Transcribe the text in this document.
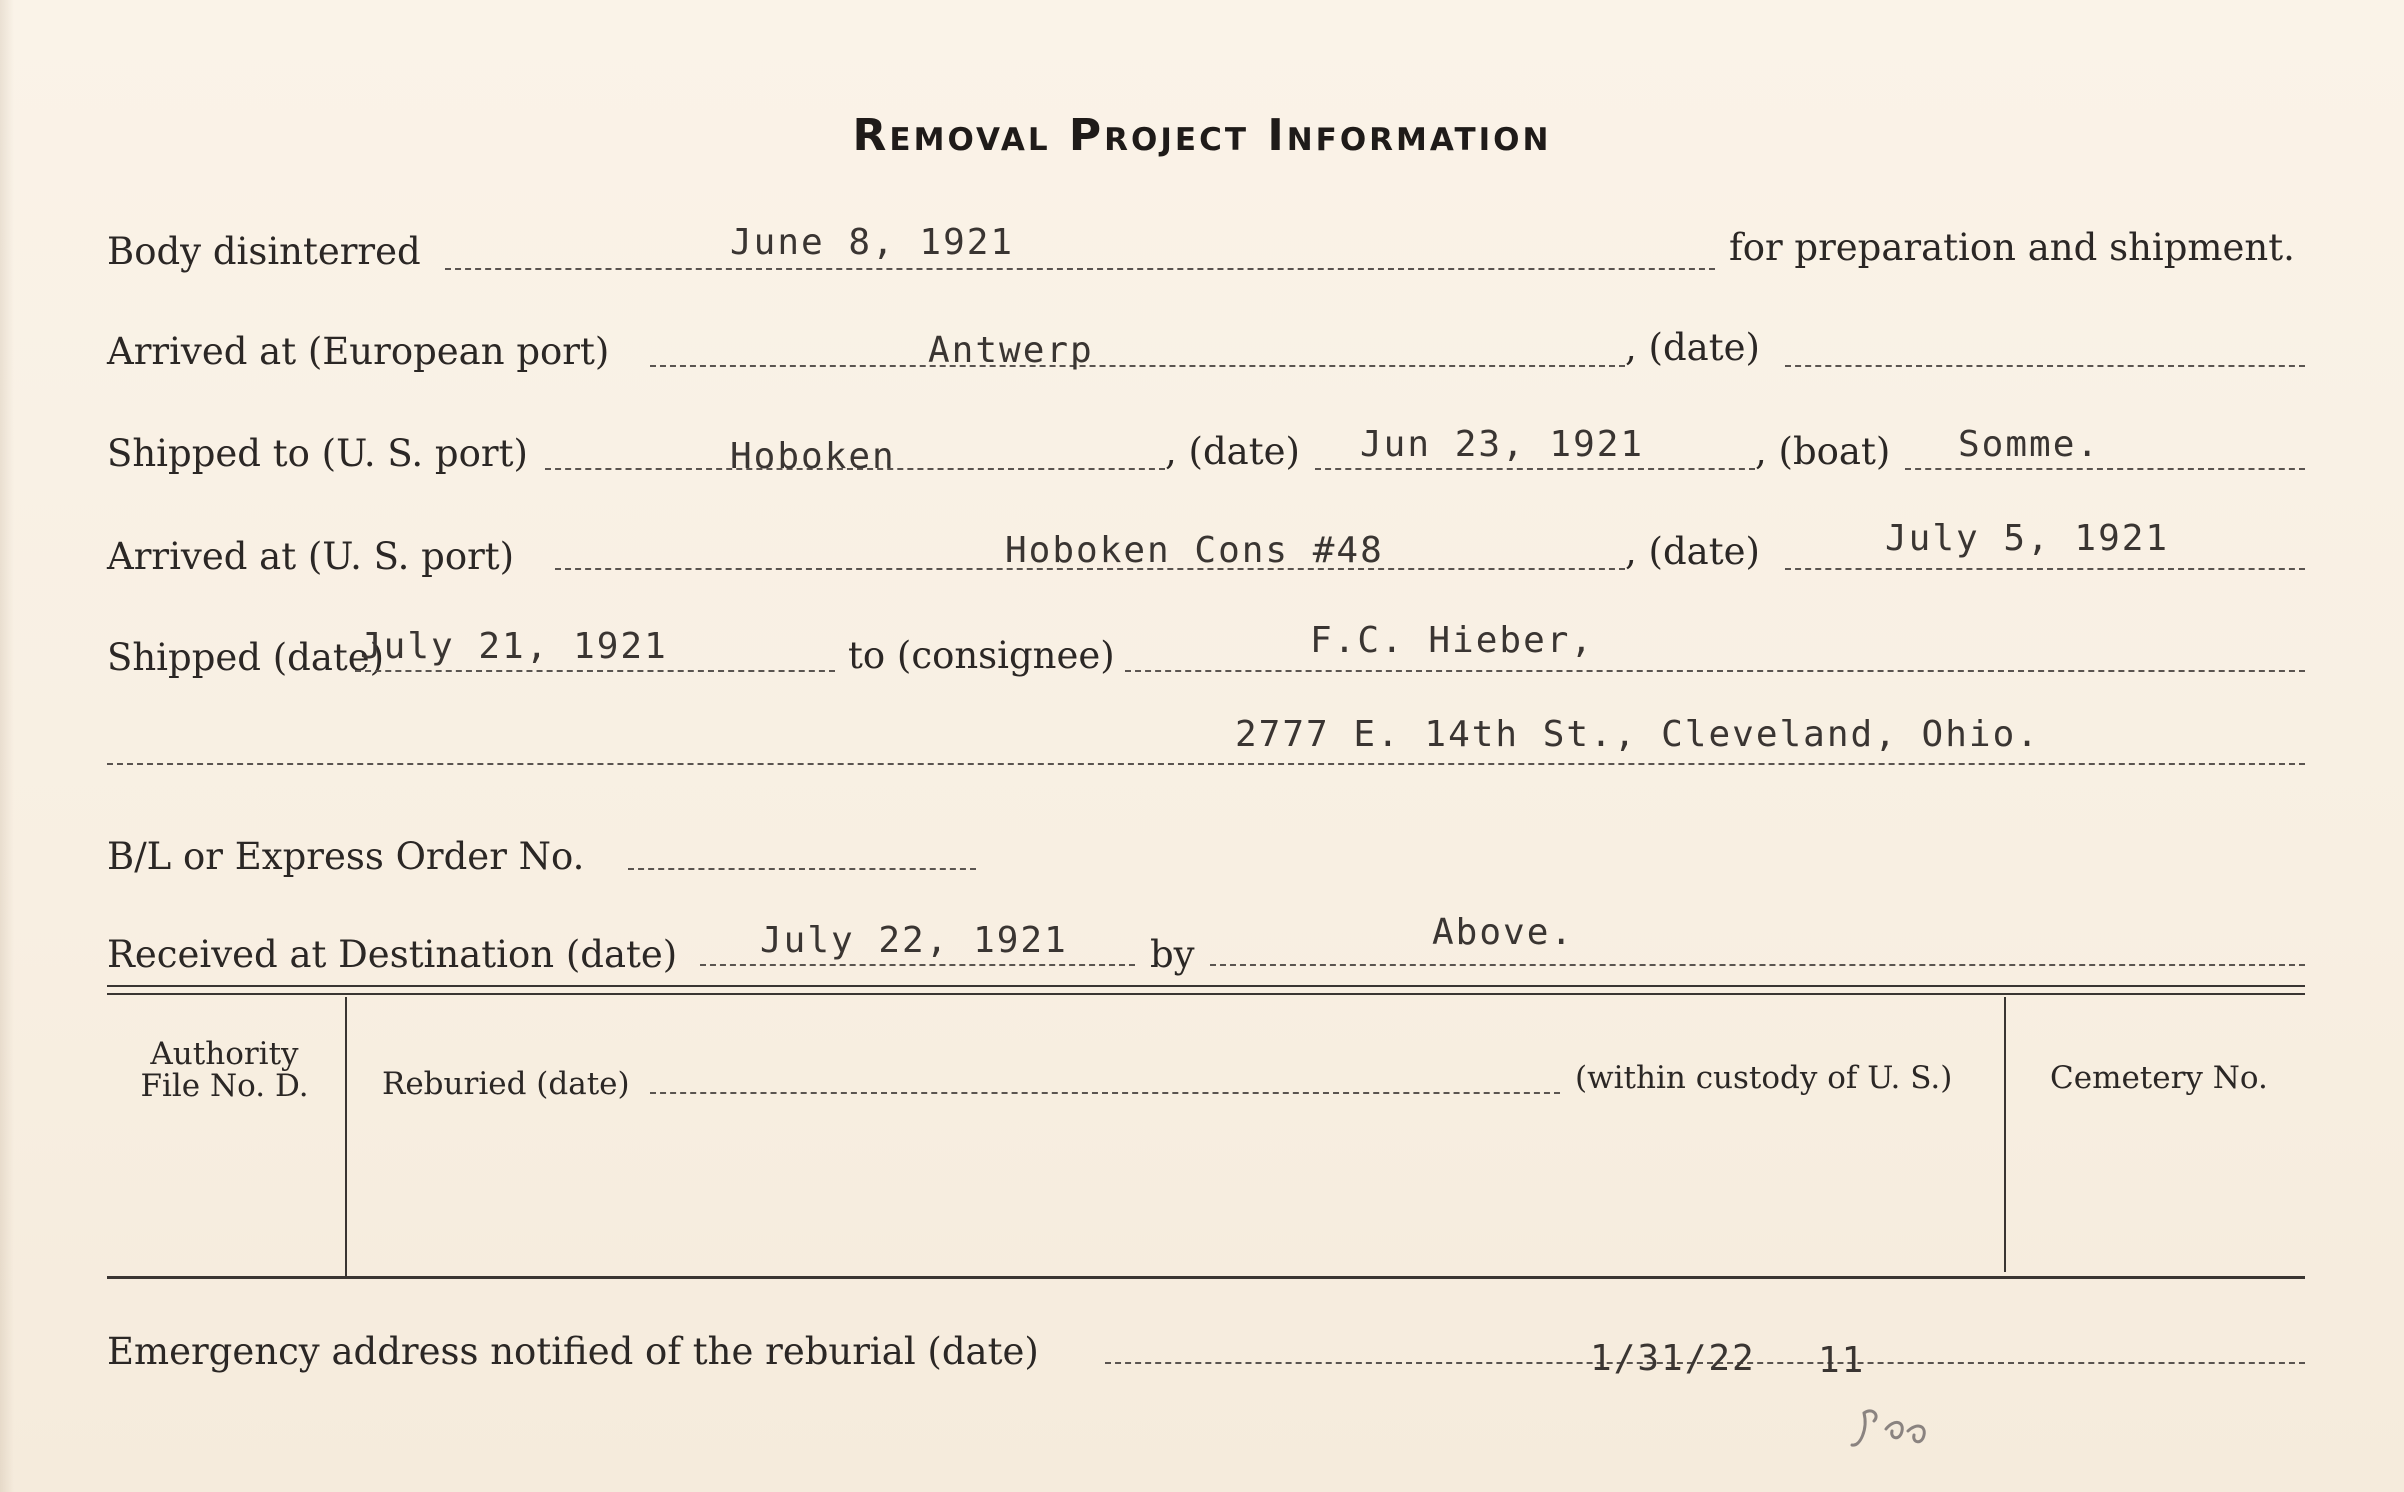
Removal Project Information
Body disinterred	June 8, 1921	for preparation and shipment.
Arrived at (European port)	Antwerp	, (date)
Shipped to (U. S. port)	Hoboken	, (date) Jun 23, 1921	, (boat) Somme.
Arrived at (U. S. port)	Hoboken Cons #48	, (date)	July 5, 1921
Shipped (date)
July 21, 1921	to (consignee)	F.C. Hieber,
2777 E. 14th St., Cleveland, Ohio.
B/L or Express Order No.
Received at Destination (date) July 22, 1921 by
Above.
Authority
File No. D.	Reburied (date)	(within custody of U. S.)	Cemetery No.
Emergency address notified of the reburial (date)	1/31/22 11
